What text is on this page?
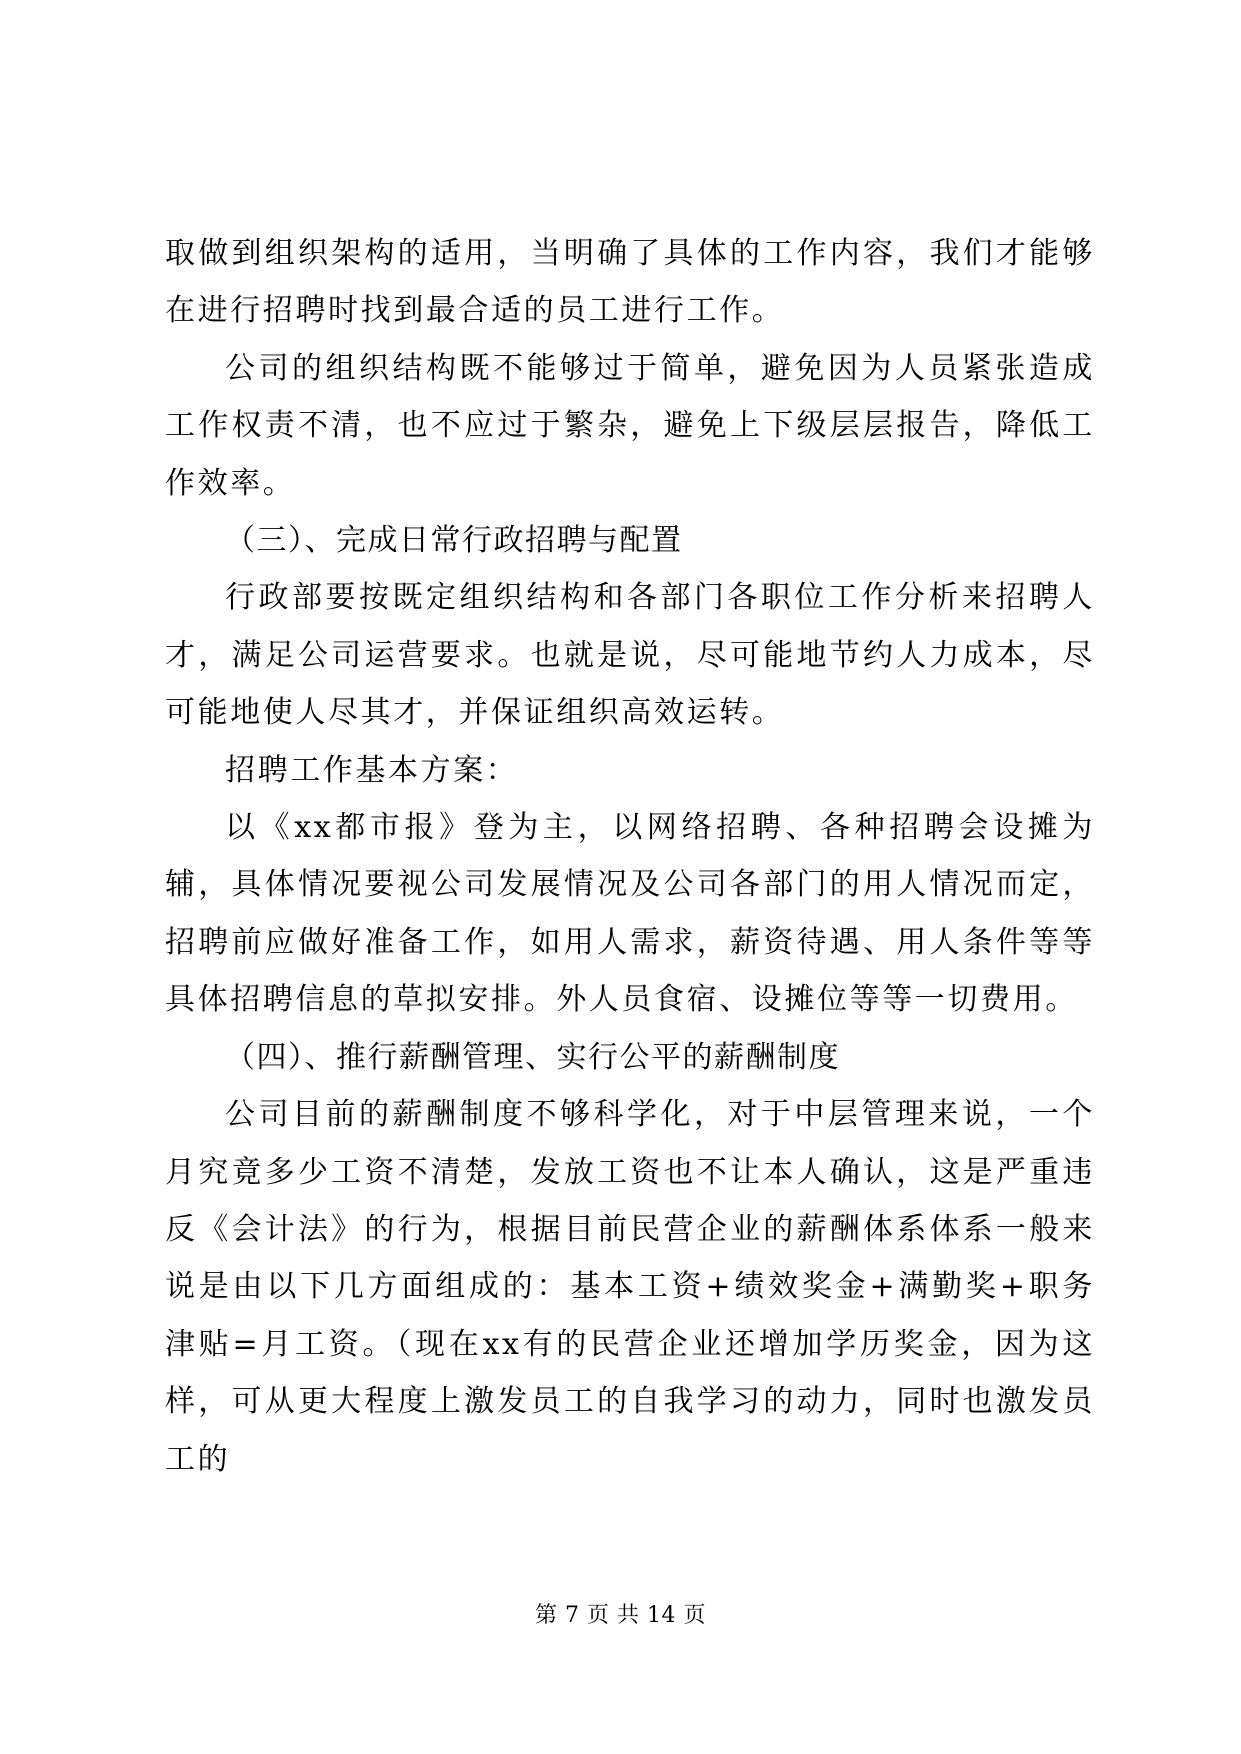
取做到组织架构的适用，当明确了具体的工作内容，我们才能够在进行招聘时找到最合适的员工进行工作。

公司的组织结构既不能够过于简单，避免因为人员紧张造成工作权责不清，也不应过于繁杂，避免上下级层层报告，降低工作效率。

（三）、完成日常行政招聘与配置

行政部要按既定组织结构和各部门各职位工作分析来招聘人才，满足公司运营要求。也就是说，尽可能地节约人力成本，尽可能地使人尽其才，并保证组织高效运转。

招聘工作基本方案：

以《xx都市报》登为主，以网络招聘、各种招聘会设摊为辅，具体情况要视公司发展情况及公司各部门的用人情况而定，招聘前应做好准备工作，如用人需求，薪资待遇、用人条件等等具体招聘信息的草拟安排。外人员食宿、设摊位等等一切费用。

（四）、推行薪酬管理、实行公平的薪酬制度

公司目前的薪酬制度不够科学化，对于中层管理来说，一个月究竟多少工资不清楚，发放工资也不让本人确认，这是严重违反《会计法》的行为，根据目前民营企业的薪酬体系体系一般来说是由以下几方面组成的：基本工资+绩效奖金+满勤奖+职务津贴=月工资。（现在xx有的民营企业还增加学历奖金，因为这样，可从更大程度上激发员工的自我学习的动力，同时也激发员工的

第 7 页 共 14 页
